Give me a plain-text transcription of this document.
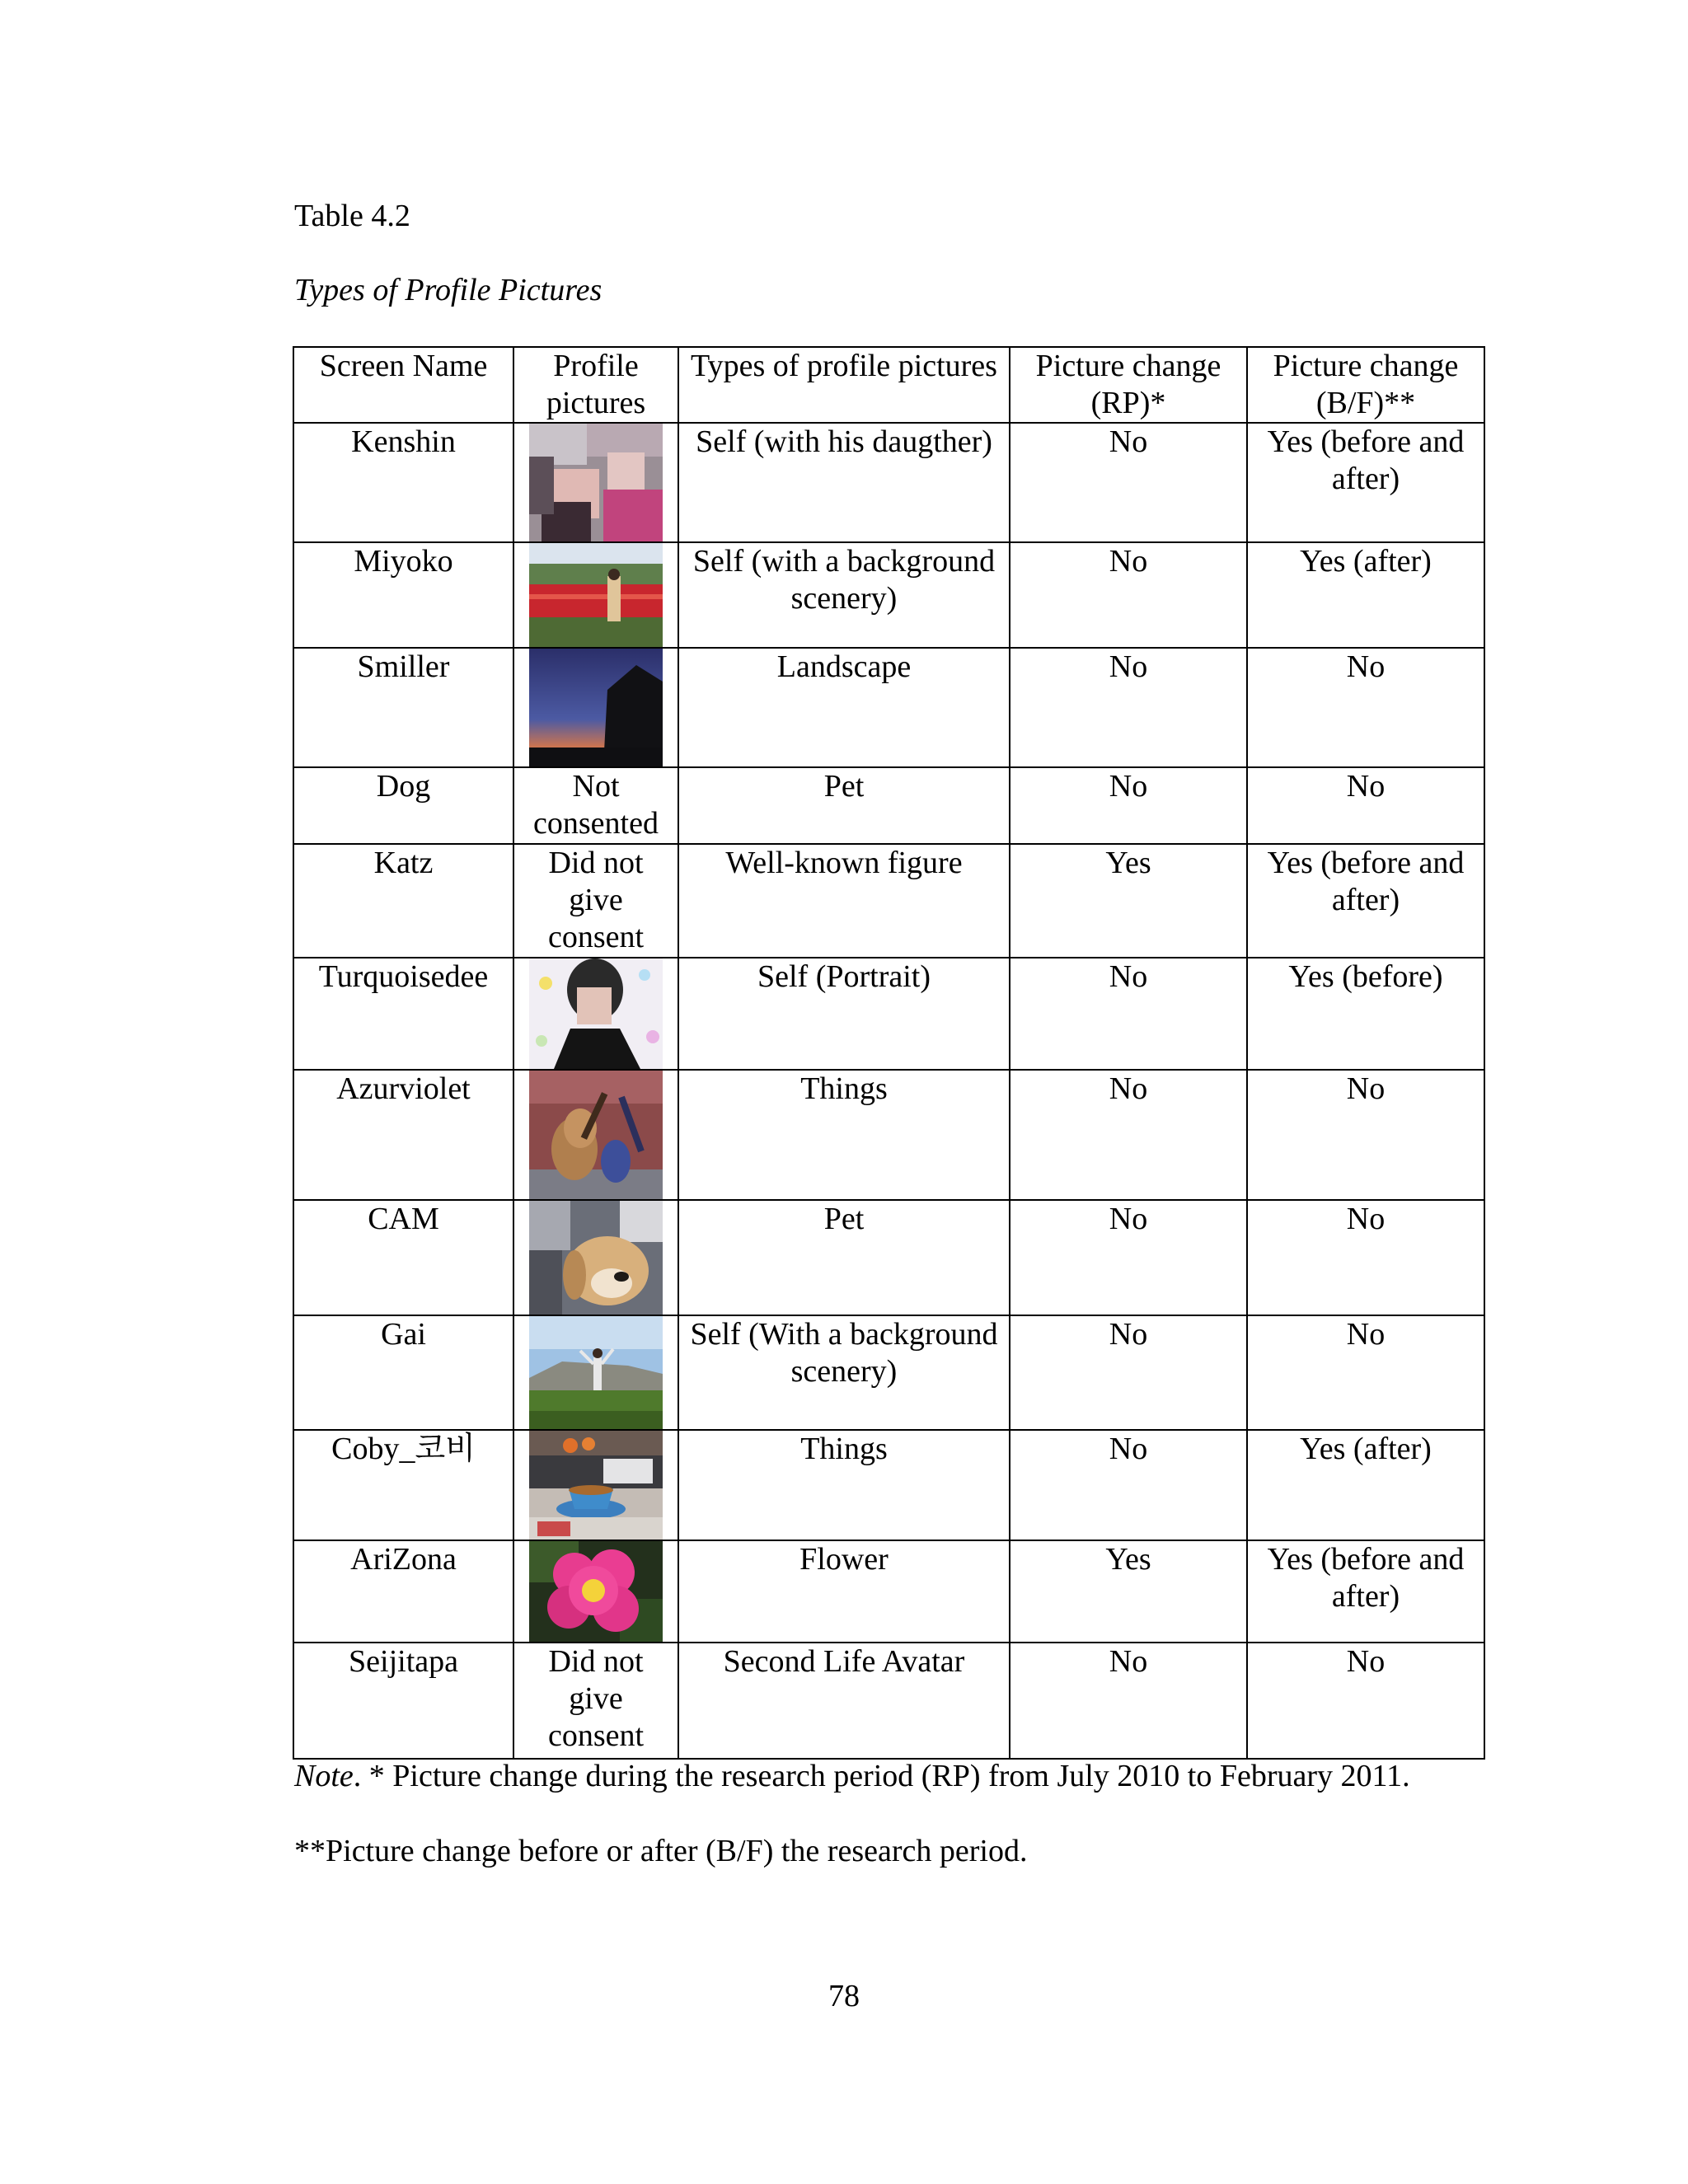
Table 4.2
Types of Profile Pictures
Screen Name	Profile pictures	Types of profile pictures	Picture change (RP)*	Picture change (B/F)**
Kenshin		Self (with his daugther)	No	Yes (before and after)
Miyoko		Self (with a background scenery)	No	Yes (after)
Smiller		Landscape	No	No
Dog	Not consented	Pet	No	No
Katz	Did not give consent	Well-known figure	Yes	Yes (before and after)
Turquoisedee		Self (Portrait)	No	Yes (before)
Azurviolet		Things	No	No
CAM		Pet	No	No
Gai		Self (With a background scenery)	No	No
Coby_코비		Things	No	Yes (after)
AriZona		Flower	Yes	Yes (before and after)
Seijitapa	Did not give consent	Second Life Avatar	No	No
Note. * Picture change during the research period (RP) from July 2010 to February 2011.
**Picture change before or after (B/F) the research period.
78
